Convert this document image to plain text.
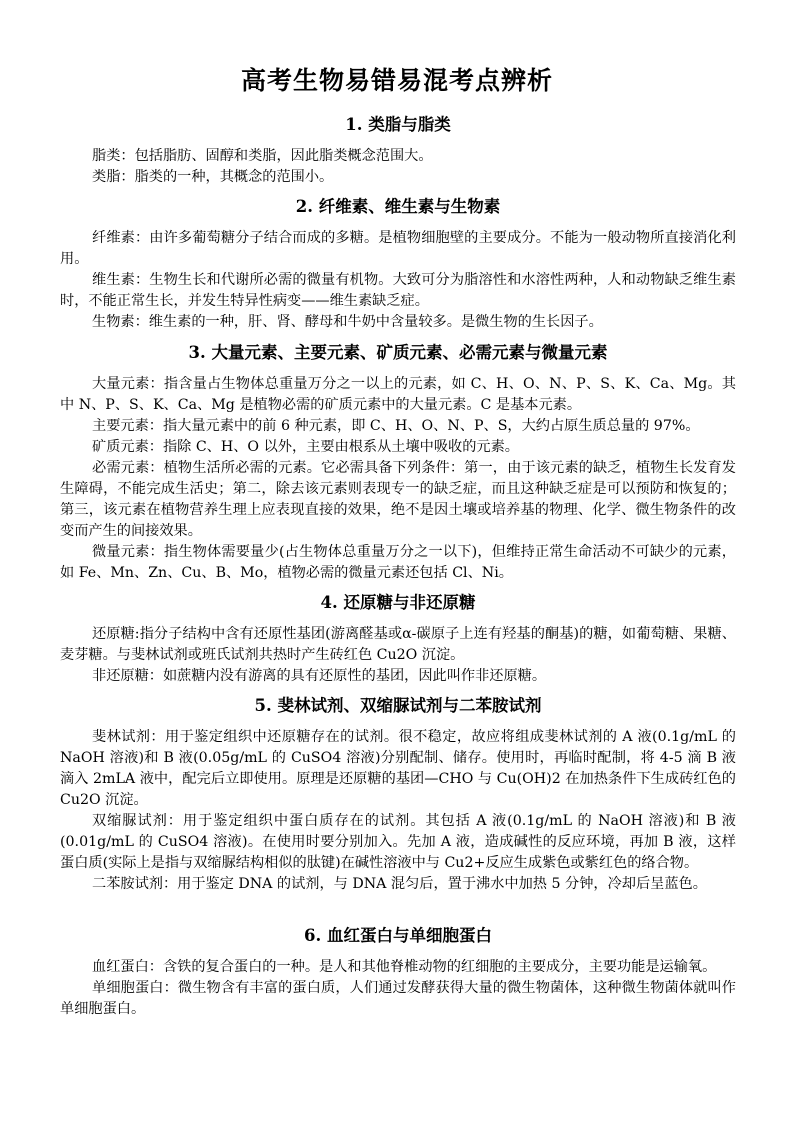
高考生物易错易混考点辨析
1. 类脂与脂类

脂类：包括脂肪、固醇和类脂，因此脂类概念范围大。

类脂：脂类的一种，其概念的范围小。

2. 纤维素、维生素与生物素

纤维素：由许多葡萄糖分子结合而成的多糖。是植物细胞壁的主要成分。不能为一般动物所直接消化利用。

维生素：生物生长和代谢所必需的微量有机物。大致可分为脂溶性和水溶性两种，人和动物缺乏维生素时，不能正常生长，并发生特异性病变——维生素缺乏症。

生物素：维生素的一种，肝、肾、酵母和牛奶中含量较多。是微生物的生长因子。

3. 大量元素、主要元素、矿质元素、必需元素与微量元素

大量元素：指含量占生物体总重量万分之一以上的元素，如 C、H、O、N、P、S、K、Ca、Mg。其中 N、P、S、K、Ca、Mg 是植物必需的矿质元素中的大量元素。C 是基本元素。

主要元素：指大量元素中的前 6 种元素，即 C、H、O、N、P、S，大约占原生质总量的 97%。

矿质元素：指除 C、H、O 以外，主要由根系从土壤中吸收的元素。

必需元素：植物生活所必需的元素。它必需具备下列条件：第一，由于该元素的缺乏，植物生长发育发生障碍，不能完成生活史；第二，除去该元素则表现专一的缺乏症，而且这种缺乏症是可以预防和恢复的；第三，该元素在植物营养生理上应表现直接的效果，绝不是因土壤或培养基的物理、化学、微生物条件的改变而产生的间接效果。

微量元素：指生物体需要量少(占生物体总重量万分之一以下)，但维持正常生命活动不可缺少的元素，如 Fe、Mn、Zn、Cu、B、Mo，植物必需的微量元素还包括 Cl、Ni。

4. 还原糖与非还原糖

还原糖:指分子结构中含有还原性基团(游离醛基或α-碳原子上连有羟基的酮基)的糖，如葡萄糖、果糖、麦芽糖。与斐林试剂或班氏试剂共热时产生砖红色 Cu2O 沉淀。

非还原糖：如蔗糖内没有游离的具有还原性的基团，因此叫作非还原糖。

5. 斐林试剂、双缩脲试剂与二苯胺试剂

斐林试剂：用于鉴定组织中还原糖存在的试剂。很不稳定，故应将组成斐林试剂的 A 液(0.1g/mL 的 NaOH 溶液)和 B 液(0.05g/mL 的 CuSO4 溶液)分别配制、储存。使用时，再临时配制，将 4-5 滴 B 液滴入 2mLA 液中，配完后立即使用。原理是还原糖的基团—CHO 与 Cu(OH)2 在加热条件下生成砖红色的 Cu2O 沉淀。

双缩脲试剂：用于鉴定组织中蛋白质存在的试剂。其包括 A 液(0.1g/mL 的 NaOH 溶液)和 B 液(0.01g/mL 的 CuSO4 溶液)。在使用时要分别加入。先加 A 液，造成碱性的反应环境，再加 B 液，这样蛋白质(实际上是指与双缩脲结构相似的肽键)在碱性溶液中与 Cu2+反应生成紫色或紫红色的络合物。

二苯胺试剂：用于鉴定 DNA 的试剂，与 DNA 混匀后，置于沸水中加热 5 分钟，冷却后呈蓝色。

6. 血红蛋白与单细胞蛋白

血红蛋白：含铁的复合蛋白的一种。是人和其他脊椎动物的红细胞的主要成分，主要功能是运输氧。

单细胞蛋白：微生物含有丰富的蛋白质，人们通过发酵获得大量的微生物菌体，这种微生物菌体就叫作单细胞蛋白。
